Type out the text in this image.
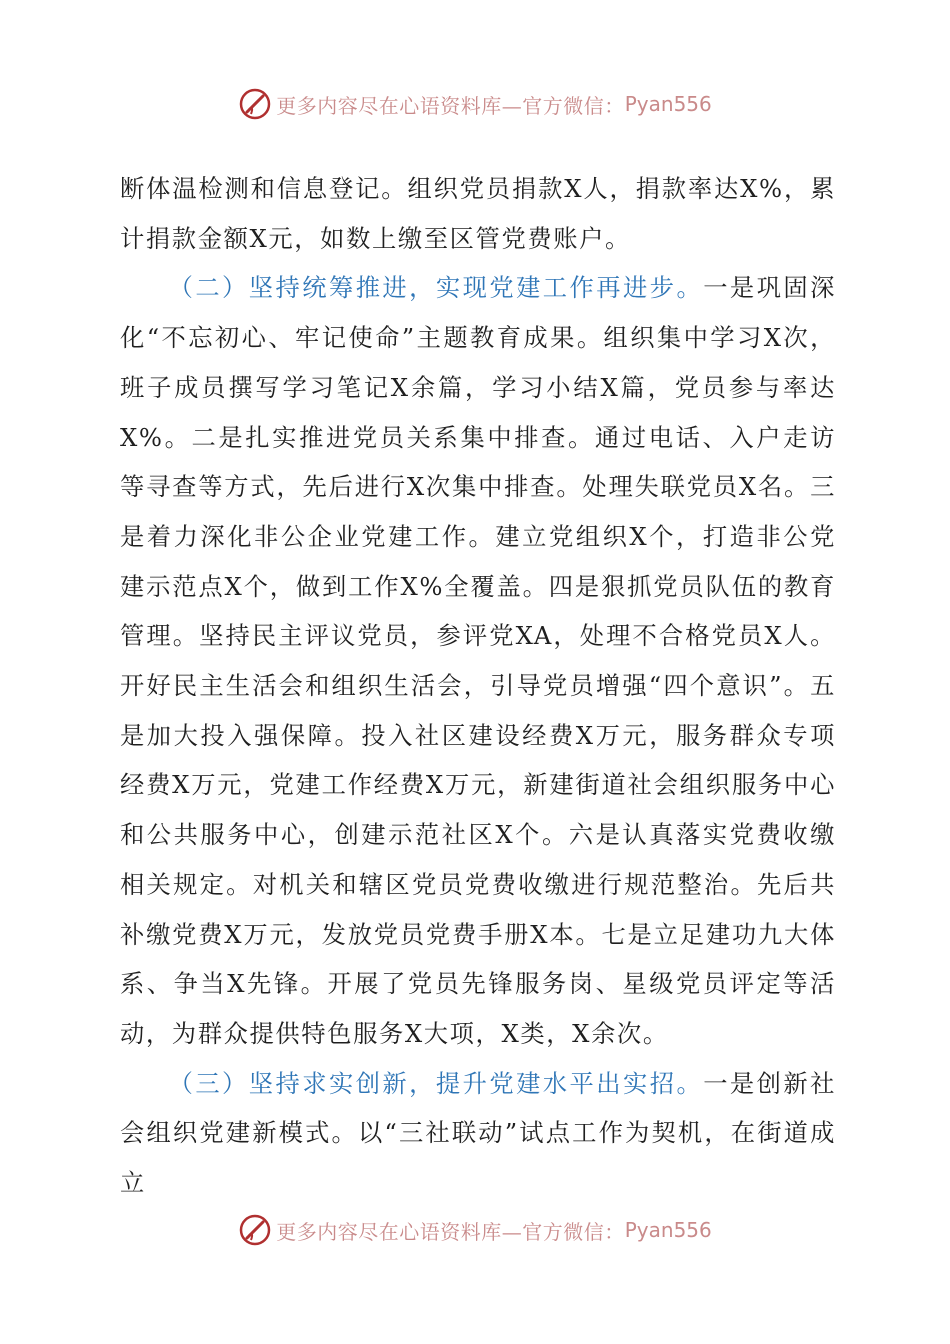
更多内容尽在心语资料库—官方微信： Pyan556

断体温检测和信息登记。组织党员捐款X人，捐款率达X%，累计捐款金额X元，如数上缴至区管党费账户。

（二）坚持统筹推进，实现党建工作再进步。一是巩固深化“不忘初心、牢记使命”主题教育成果。组织集中学习X次，班子成员撰写学习笔记X余篇，学习小结X篇，党员参与率达X%。二是扎实推进党员关系集中排查。通过电话、入户走访等寻查等方式，先后进行X次集中排查。处理失联党员X名。三是着力深化非公企业党建工作。建立党组织X个，打造非公党建示范点X个，做到工作X%全覆盖。四是狠抓党员队伍的教育管理。坚持民主评议党员，参评党XA，处理不合格党员X人。开好民主生活会和组织生活会，引导党员增强“四个意识”。五是加大投入强保障。投入社区建设经费X万元，服务群众专项经费X万元，党建工作经费X万元，新建街道社会组织服务中心和公共服务中心，创建示范社区X个。六是认真落实党费收缴相关规定。对机关和辖区党员党费收缴进行规范整治。先后共补缴党费X万元，发放党员党费手册X本。七是立足建功九大体系、争当X先锋。开展了党员先锋服务岗、星级党员评定等活动，为群众提供特色服务X大项，X类，X余次。

（三）坚持求实创新，提升党建水平出实招。一是创新社会组织党建新模式。以“三社联动”试点工作为契机，在街道成立

更多内容尽在心语资料库—官方微信： Pyan556
